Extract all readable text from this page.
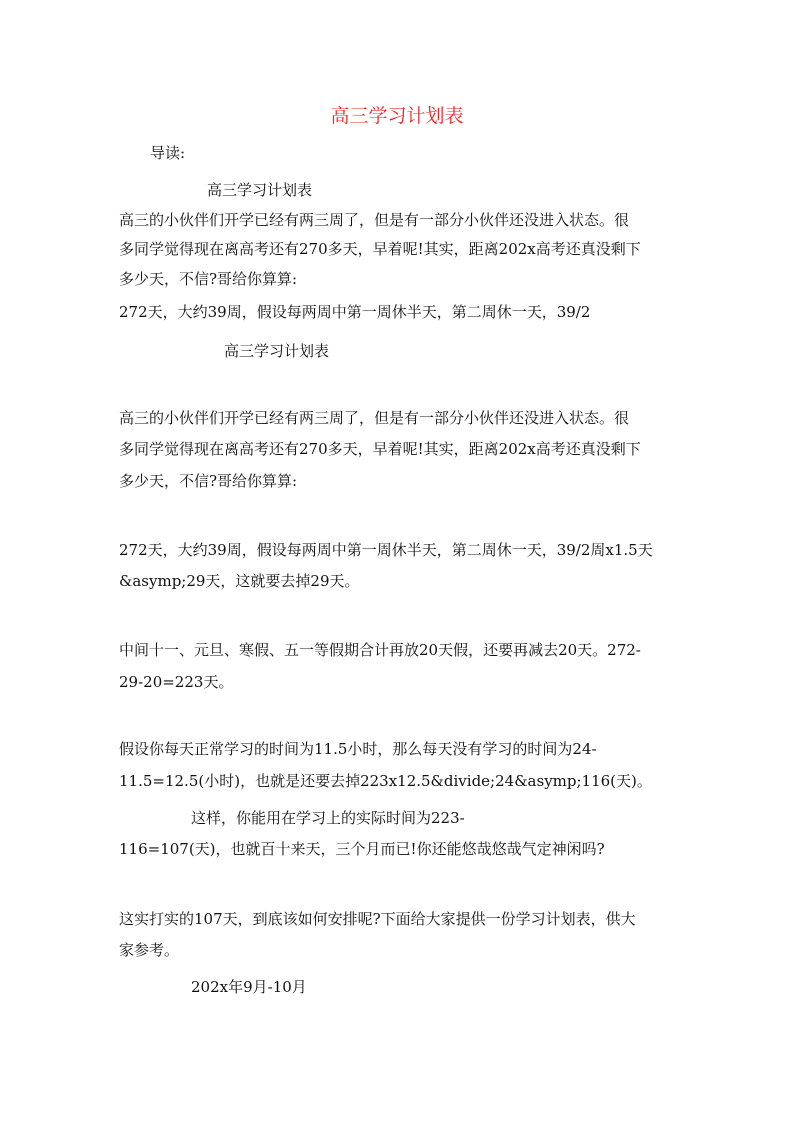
高三学习计划表
导读:
高三学习计划表
高三的小伙伴们开学已经有两三周了，但是有一部分小伙伴还没进入状态。很
多同学觉得现在离高考还有270多天，早着呢!其实，距离202x高考还真没剩下
多少天，不信?哥给你算算:
272天，大约39周，假设每两周中第一周休半天，第二周休一天，39/2
高三学习计划表
高三的小伙伴们开学已经有两三周了，但是有一部分小伙伴还没进入状态。很
多同学觉得现在离高考还有270多天，早着呢!其实，距离202x高考还真没剩下
多少天，不信?哥给你算算:
272天，大约39周，假设每两周中第一周休半天，第二周休一天，39/2周x1.5天
&asymp;29天，这就要去掉29天。
中间十一、元旦、寒假、五一等假期合计再放20天假，还要再减去20天。272-
29-20=223天。
假设你每天正常学习的时间为11.5小时，那么每天没有学习的时间为24-
11.5=12.5(小时)，也就是还要去掉223x12.5&divide;24&asymp;116(天)。
这样，你能用在学习上的实际时间为223-
116=107(天)，也就百十来天，三个月而已!你还能悠哉悠哉气定神闲吗?
这实打实的107天，到底该如何安排呢?下面给大家提供一份学习计划表，供大
家参考。
202x年9月-10月
